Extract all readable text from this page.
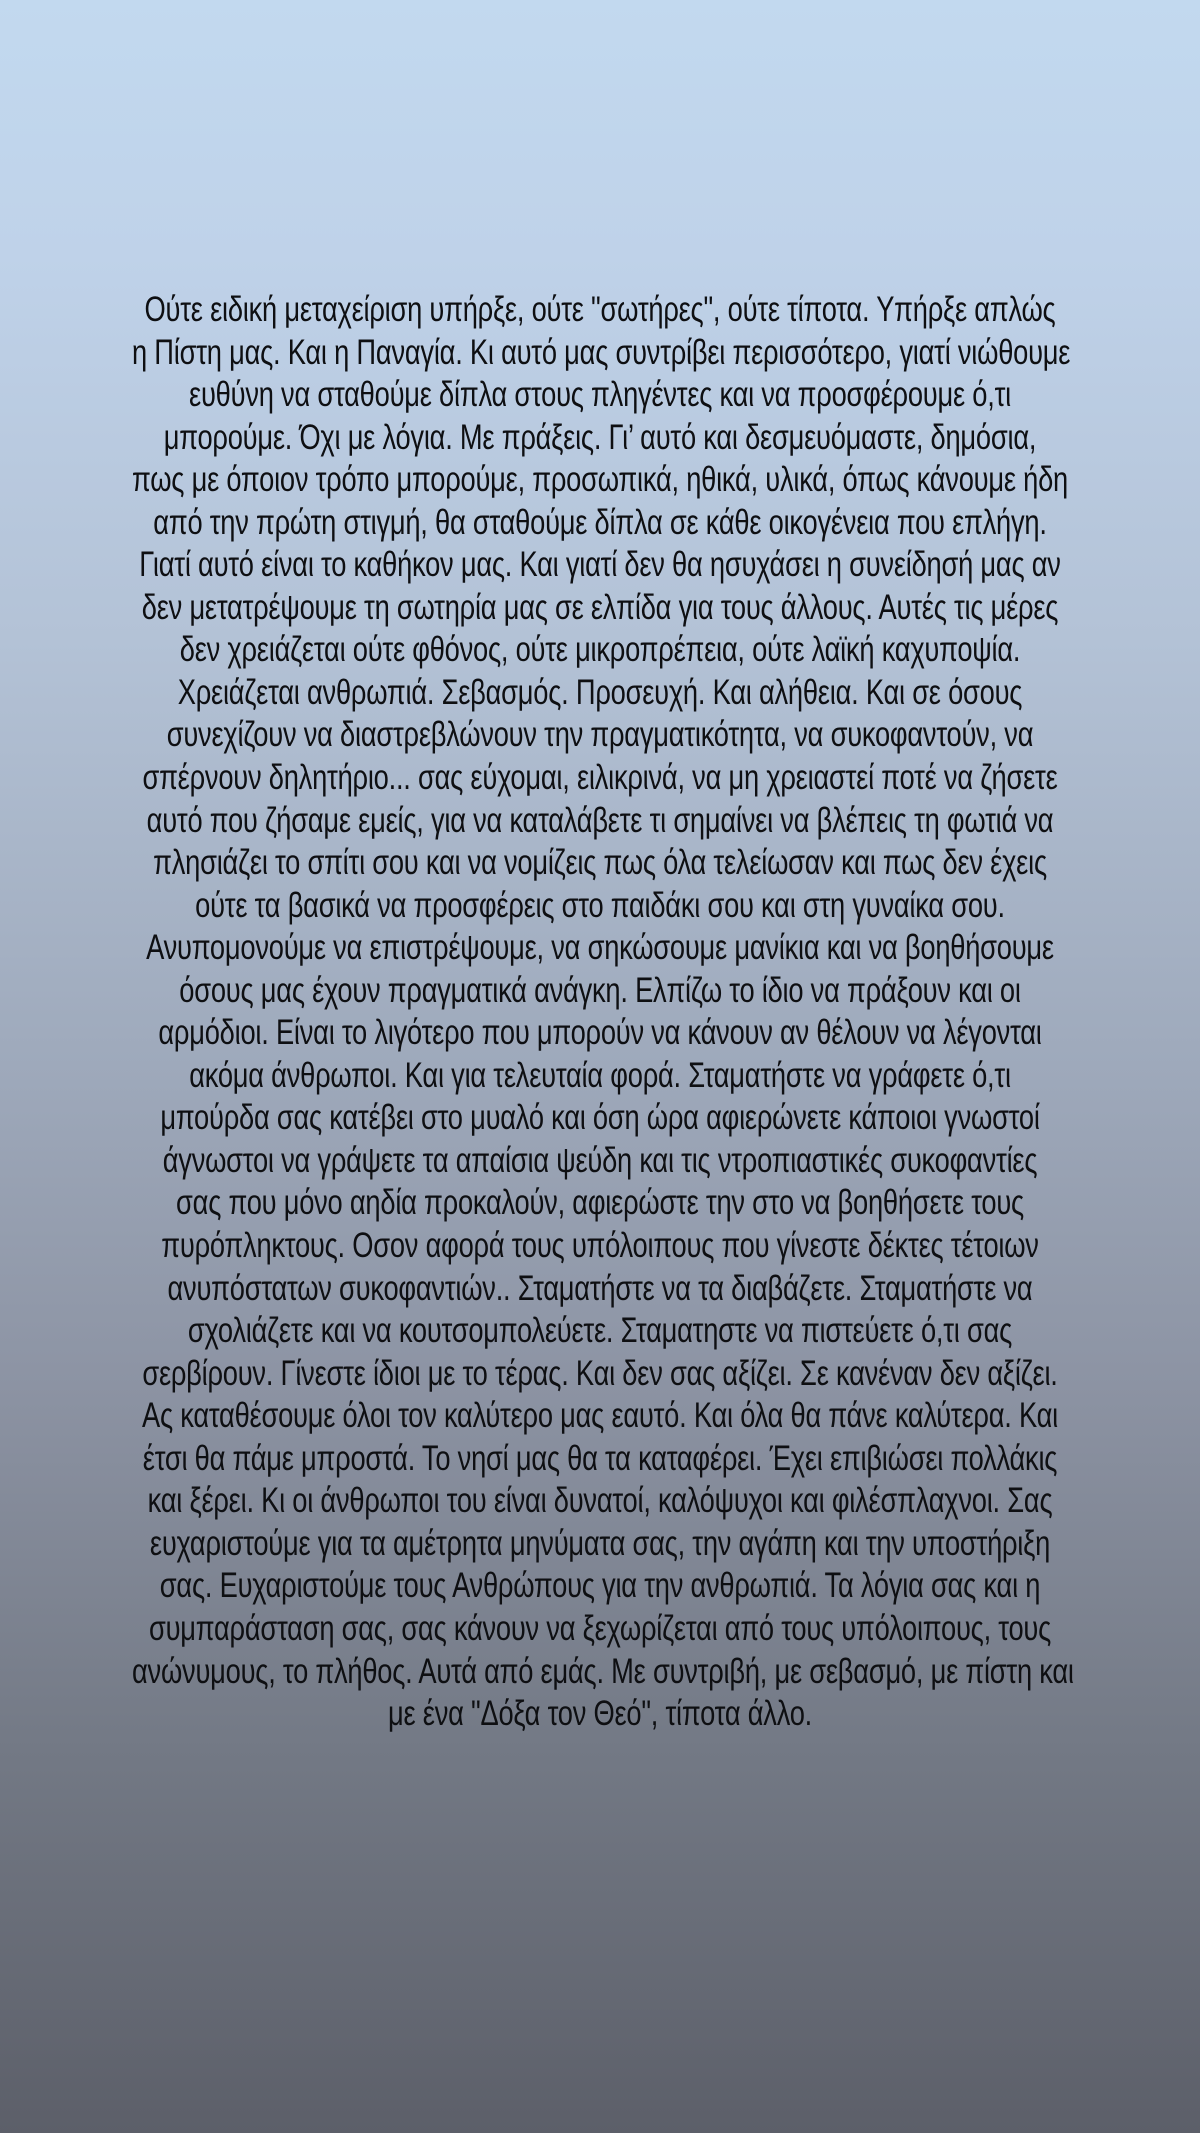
Ούτε ειδική μεταχείριση υπήρξε, ούτε "σωτήρες", ούτε τίποτα. Υπήρξε απλώς
η Πίστη μας. Και η Παναγία. Κι αυτό μας συντρίβει περισσότερο, γιατί νιώθουμε
ευθύνη να σταθούμε δίπλα στους πληγέντες και να προσφέρουμε ό,τι
μπορούμε. Όχι με λόγια. Με πράξεις. Γι’ αυτό και δεσμευόμαστε, δημόσια,
πως με όποιον τρόπο μπορούμε, προσωπικά, ηθικά, υλικά, όπως κάνουμε ήδη
από την πρώτη στιγμή, θα σταθούμε δίπλα σε κάθε οικογένεια που επλήγη.
Γιατί αυτό είναι το καθήκον μας. Και γιατί δεν θα ησυχάσει η συνείδησή μας αν
δεν μετατρέψουμε τη σωτηρία μας σε ελπίδα για τους άλλους. Αυτές τις μέρες
δεν χρειάζεται ούτε φθόνος, ούτε μικροπρέπεια, ούτε λαϊκή καχυποψία.
Χρειάζεται ανθρωπιά. Σεβασμός. Προσευχή. Και αλήθεια. Και σε όσους
συνεχίζουν να διαστρεβλώνουν την πραγματικότητα, να συκοφαντούν, να
σπέρνουν δηλητήριο... σας εύχομαι, ειλικρινά, να μη χρειαστεί ποτέ να ζήσετε
αυτό που ζήσαμε εμείς, για να καταλάβετε τι σημαίνει να βλέπεις τη φωτιά να
πλησιάζει το σπίτι σου και να νομίζεις πως όλα τελείωσαν και πως δεν έχεις
ούτε τα βασικά να προσφέρεις στο παιδάκι σου και στη γυναίκα σου.
Ανυπομονούμε να επιστρέψουμε, να σηκώσουμε μανίκια και να βοηθήσουμε
όσους μας έχουν πραγματικά ανάγκη. Ελπίζω το ίδιο να πράξουν και οι
αρμόδιοι. Είναι το λιγότερο που μπορούν να κάνουν αν θέλουν να λέγονται
ακόμα άνθρωποι. Και για τελευταία φορά. Σταματήστε να γράφετε ό,τι
μπούρδα σας κατέβει στο μυαλό και όση ώρα αφιερώνετε κάποιοι γνωστοί
άγνωστοι να γράψετε τα απαίσια ψεύδη και τις ντροπιαστικές συκοφαντίες
σας που μόνο αηδία προκαλούν, αφιερώστε την στο να βοηθήσετε τους
πυρόπληκτους. Οσον αφορά τους υπόλοιπους που γίνεστε δέκτες τέτοιων
ανυπόστατων συκοφαντιών.. Σταματήστε να τα διαβάζετε. Σταματήστε να
σχολιάζετε και να κουτσομπολεύετε. Σταματηστε να πιστεύετε ό,τι σας
σερβίρουν. Γίνεστε ίδιοι με το τέρας. Και δεν σας αξίζει. Σε κανέναν δεν αξίζει.
Ας καταθέσουμε όλοι τον καλύτερο μας εαυτό. Και όλα θα πάνε καλύτερα. Και
έτσι θα πάμε μπροστά. Το νησί μας θα τα καταφέρει. Έχει επιβιώσει πολλάκις
και ξέρει. Κι οι άνθρωποι του είναι δυνατοί, καλόψυχοι και φιλέσπλαχνοι. Σας
ευχαριστούμε για τα αμέτρητα μηνύματα σας, την αγάπη και την υποστήριξη
σας. Ευχαριστούμε τους Ανθρώπους για την ανθρωπιά. Τα λόγια σας και η
συμπαράσταση σας, σας κάνουν να ξεχωρίζεται από τους υπόλοιπους, τους
ανώνυμους, το πλήθος. Αυτά από εμάς. Με συντριβή, με σεβασμό, με πίστη και
με ένα "Δόξα τον Θεό", τίποτα άλλο.
